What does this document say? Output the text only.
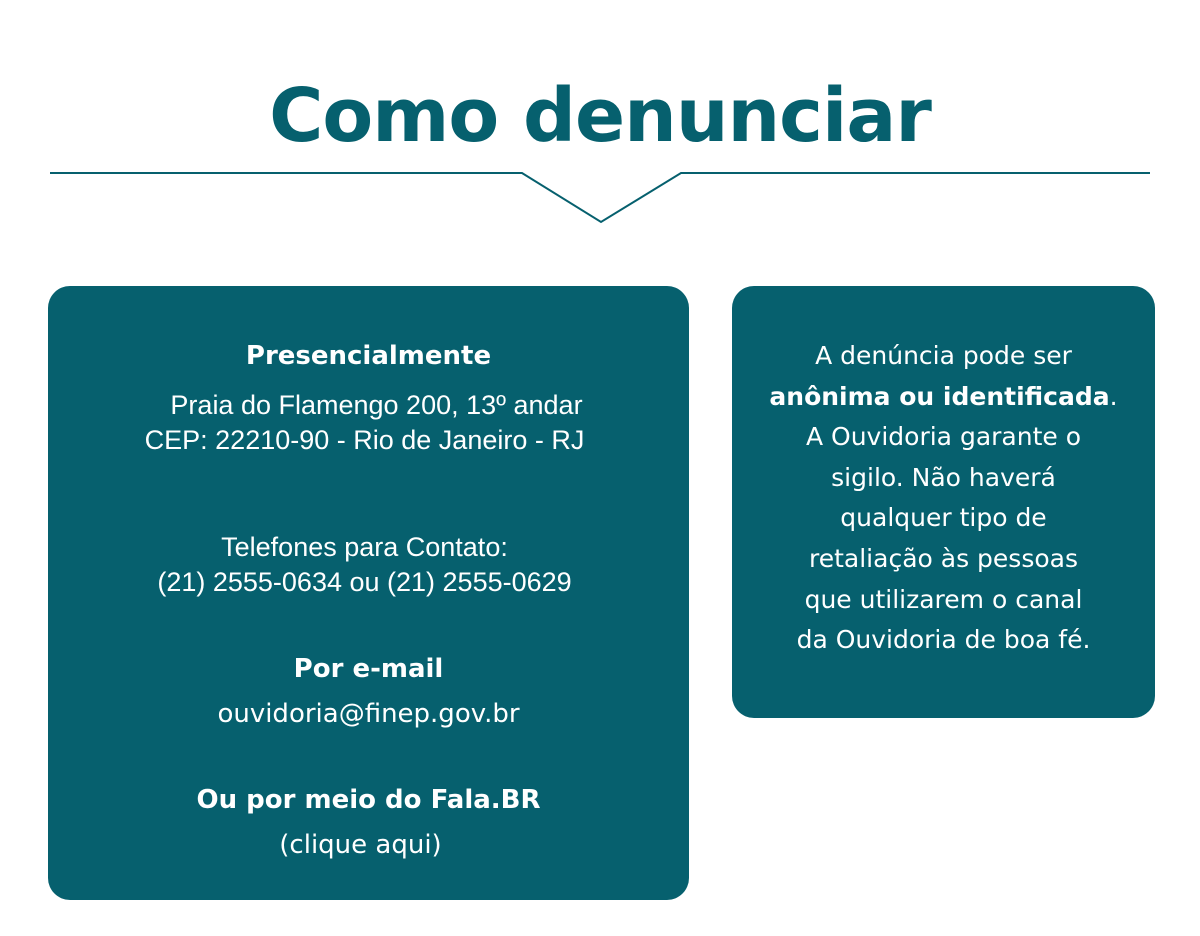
Como denunciar
Presencialmente
Praia do Flamengo 200, 13º andar
CEP: 22210-90 - Rio de Janeiro - RJ
Telefones para Contato:
(21) 2555-0634 ou (21) 2555-0629
Por e-mail
ouvidoria@finep.gov.br
Ou por meio do Fala.BR
(clique aqui)
A denúncia pode ser
anônima ou identificada.
A Ouvidoria garante o
sigilo. Não haverá
qualquer tipo de
retaliação às pessoas
que utilizarem o canal
da Ouvidoria de boa fé.
